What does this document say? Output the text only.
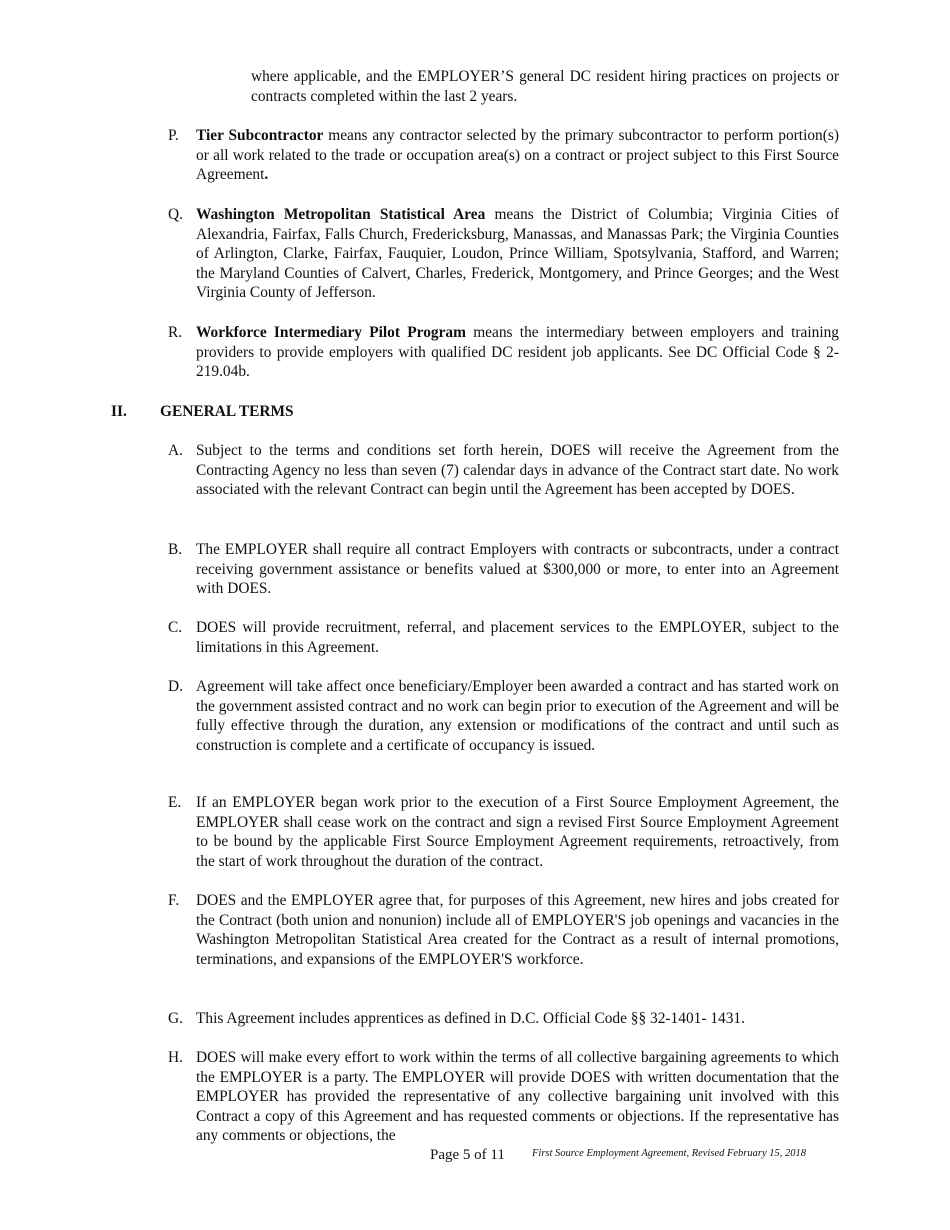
where applicable, and the EMPLOYER’S general DC resident hiring practices on projects or contracts completed within the last 2 years.

P. Tier Subcontractor means any contractor selected by the primary subcontractor to perform portion(s) or all work related to the trade or occupation area(s) on a contract or project subject to this First Source Agreement.

Q. Washington Metropolitan Statistical Area means the District of Columbia; Virginia Cities of Alexandria, Fairfax, Falls Church, Fredericksburg, Manassas, and Manassas Park; the Virginia Counties of Arlington, Clarke, Fairfax, Fauquier, Loudon, Prince William, Spotsylvania, Stafford, and Warren; the Maryland Counties of Calvert, Charles, Frederick, Montgomery, and Prince Georges; and the West Virginia County of Jefferson.

R. Workforce Intermediary Pilot Program means the intermediary between employers and training providers to provide employers with qualified DC resident job applicants. See DC Official Code § 2-219.04b.

II. GENERAL TERMS
A. Subject to the terms and conditions set forth herein, DOES will receive the Agreement from the Contracting Agency no less than seven (7) calendar days in advance of the Contract start date. No work associated with the relevant Contract can begin until the Agreement has been accepted by DOES.

B. The EMPLOYER shall require all contract Employers with contracts or subcontracts, under a contract receiving government assistance or benefits valued at $300,000 or more, to enter into an Agreement with DOES.

C. DOES will provide recruitment, referral, and placement services to the EMPLOYER, subject to the limitations in this Agreement.

D. Agreement will take affect once beneficiary/Employer been awarded a contract and has started work on the government assisted contract and no work can begin prior to execution of the Agreement and will be fully effective through the duration, any extension or modifications of the contract and until such as construction is complete and a certificate of occupancy is issued.

E. If an EMPLOYER began work prior to the execution of a First Source Employment Agreement, the EMPLOYER shall cease work on the contract and sign a revised First Source Employment Agreement to be bound by the applicable First Source Employment Agreement requirements, retroactively, from the start of work throughout the duration of the contract.

F. DOES and the EMPLOYER agree that, for purposes of this Agreement, new hires and jobs created for the Contract (both union and nonunion) include all of EMPLOYER'S job openings and vacancies in the Washington Metropolitan Statistical Area created for the Contract as a result of internal promotions, terminations, and expansions of the EMPLOYER'S workforce.

G. This Agreement includes apprentices as defined in D.C. Official Code §§ 32-1401- 1431.

H. DOES will make every effort to work within the terms of all collective bargaining agreements to which the EMPLOYER is a party. The EMPLOYER will provide DOES with written documentation that the EMPLOYER has provided the representative of any collective bargaining unit involved with this Contract a copy of this Agreement and has requested comments or objections. If the representative has any comments or objections, the

Page 5 of 11	First Source Employment Agreement, Revised February 15, 2018
